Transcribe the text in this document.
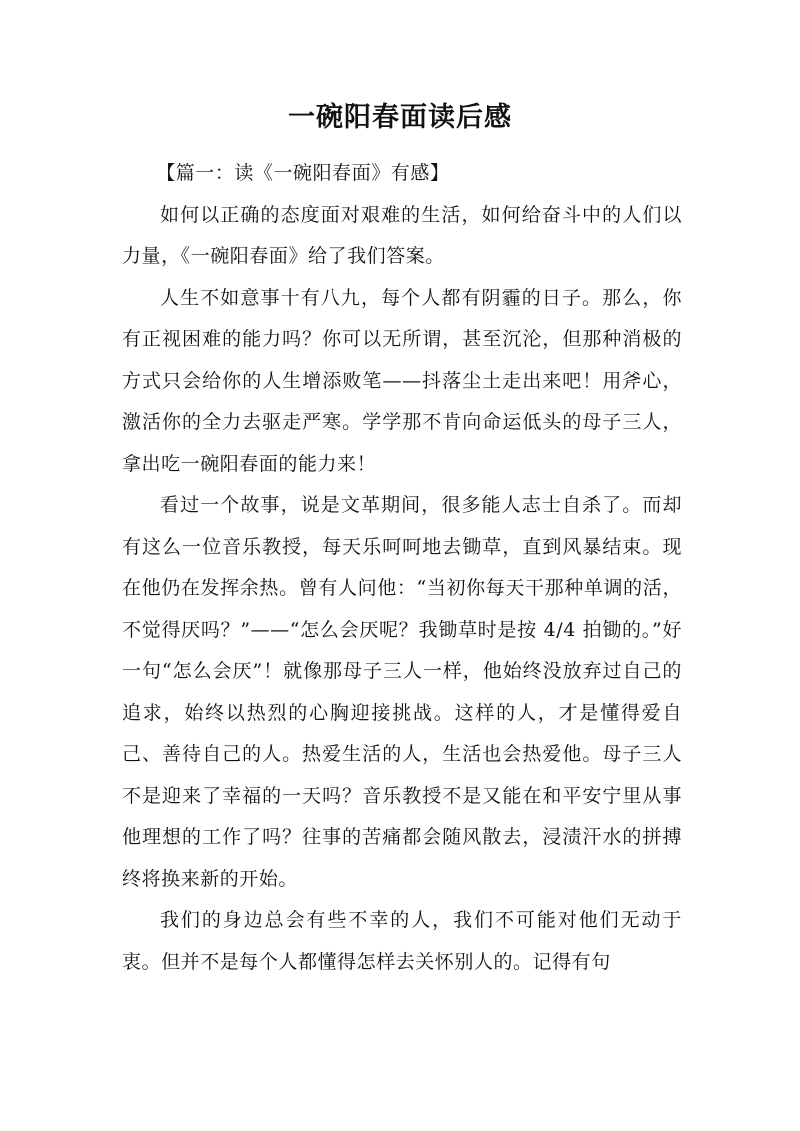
一碗阳春面读后感

【篇一：读《一碗阳春面》有感】

如何以正确的态度面对艰难的生活，如何给奋斗中的人们以力量，《一碗阳春面》给了我们答案。

人生不如意事十有八九，每个人都有阴霾的日子。那么，你有正视困难的能力吗？你可以无所谓，甚至沉沦，但那种消极的方式只会给你的人生增添败笔——抖落尘土走出来吧！用斧心，激活你的全力去驱走严寒。学学那不肯向命运低头的母子三人，拿出吃一碗阳春面的能力来！

看过一个故事，说是文革期间，很多能人志士自杀了。而却有这么一位音乐教授，每天乐呵呵地去锄草，直到风暴结束。现在他仍在发挥余热。曾有人问他：“当初你每天干那种单调的活，不觉得厌吗？”——“怎么会厌呢？我锄草时是按 4/4 拍锄的。”好一句“怎么会厌”！就像那母子三人一样，他始终没放弃过自己的追求，始终以热烈的心胸迎接挑战。这样的人，才是懂得爱自己、善待自己的人。热爱生活的人，生活也会热爱他。母子三人不是迎来了幸福的一天吗？音乐教授不是又能在和平安宁里从事他理想的工作了吗？往事的苦痛都会随风散去，浸渍汗水的拼搏终将换来新的开始。

我们的身边总会有些不幸的人，我们不可能对他们无动于衷。但并不是每个人都懂得怎样去关怀别人的。记得有句
